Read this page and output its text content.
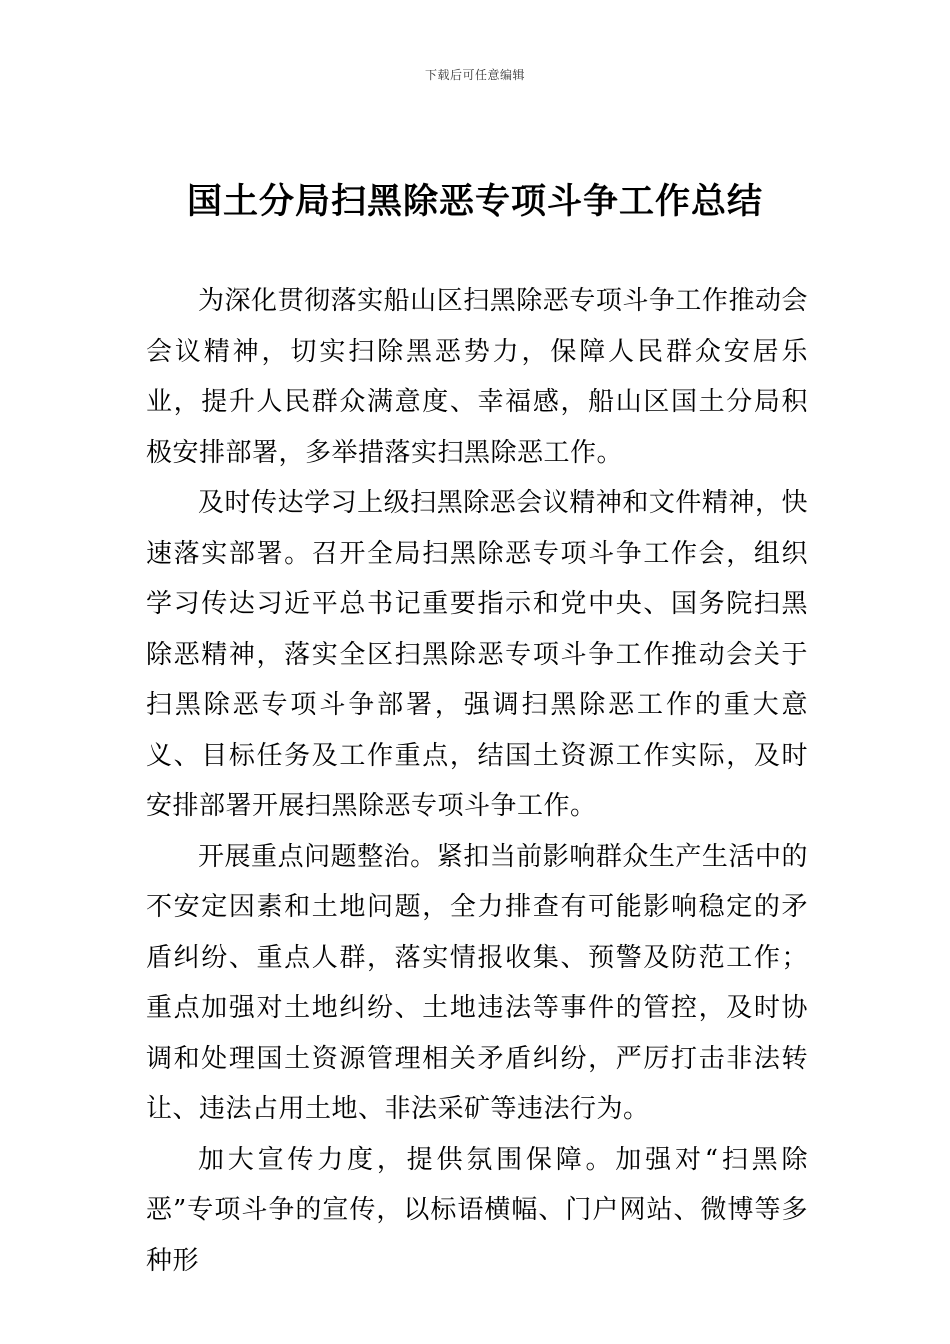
下载后可任意编辑
国土分局扫黑除恶专项斗争工作总结

为深化贯彻落实船山区扫黑除恶专项斗争工作推动会会议精神，切实扫除黑恶势力，保障人民群众安居乐业，提升人民群众满意度、幸福感，船山区国土分局积极安排部署，多举措落实扫黑除恶工作。

及时传达学习上级扫黑除恶会议精神和文件精神，快速落实部署。召开全局扫黑除恶专项斗争工作会，组织学习传达习近平总书记重要指示和党中央、国务院扫黑除恶精神，落实全区扫黑除恶专项斗争工作推动会关于扫黑除恶专项斗争部署，强调扫黑除恶工作的重大意义、目标任务及工作重点，结国土资源工作实际，及时安排部署开展扫黑除恶专项斗争工作。

开展重点问题整治。紧扣当前影响群众生产生活中的不安定因素和土地问题，全力排查有可能影响稳定的矛盾纠纷、重点人群，落实情报收集、预警及防范工作；重点加强对土地纠纷、土地违法等事件的管控，及时协调和处理国土资源管理相关矛盾纠纷，严厉打击非法转让、违法占用土地、非法采矿等违法行为。

加大宣传力度，提供氛围保障。加强对“扫黑除恶”专项斗争的宣传，以标语横幅、门户网站、微博等多种形
